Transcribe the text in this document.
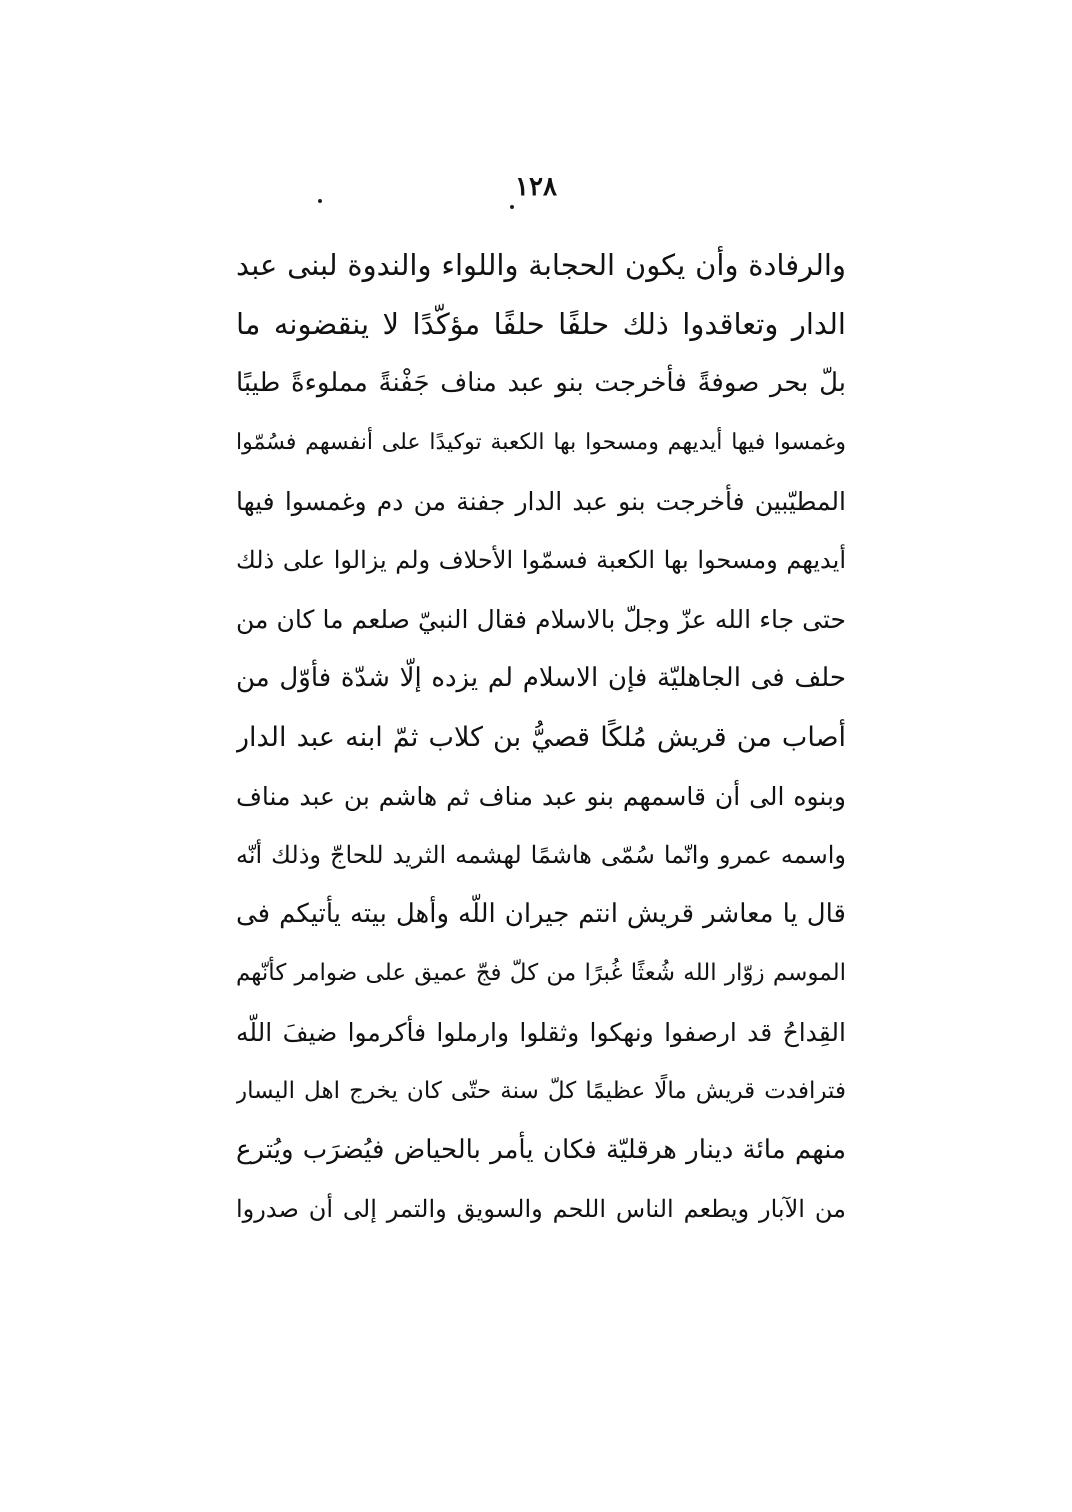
١٢٨
والرفادة وأن يكون الحجابة واللواء والندوة لبنى عبد
الدار وتعاقدوا ذلك حلفًا حلفًا مؤكّدًا لا ينقضونه ما
بلّ بحر صوفةً فأخرجت بنو عبد مناف جَفْنةً مملوءةً طيبًا
وغمسوا فيها أيديهم ومسحوا بها الكعبة توكيدًا على أنفسهم فسُمّوا
المطيّبين فأخرجت بنو عبد الدار جفنة من دم وغمسوا فيها
أيديهم ومسحوا بها الكعبة فسمّوا الأحلاف ولم يزالوا على ذلك
حتى جاء الله عزّ وجلّ بالاسلام فقال النبيّ صلعم ما كان من
حلف فى الجاهليّة فإن الاسلام لم يزده إلّا شدّة فأوّل من
أصاب من قريش مُلكًا قصيُّ بن كلاب ثمّ ابنه عبد الدار
وبنوه الى أن قاسمهم بنو عبد مناف ثم هاشم بن عبد مناف
واسمه عمرو وانّما سُمّى هاشمًا لهشمه الثريد للحاجّ وذلك أنّه
قال يا معاشر قريش انتم جيران اللّه وأهل بيته يأتيكم فى
الموسم زوّار الله شُعثًا غُبرًا من كلّ فجّ عميق على ضوامر كأنّهم
القِداحُ قد ارصفوا ونهكوا وثقلوا وارملوا فأكرموا ضيفَ اللّه
فترافدت قريش مالًا عظيمًا كلّ سنة حتّى كان يخرج اهل اليسار
منهم مائة دينار هرقليّة فكان يأمر بالحياض فيُضرَب ويُترع
من الآبار ويطعم الناس اللحم والسويق والتمر إلى أن صدروا
